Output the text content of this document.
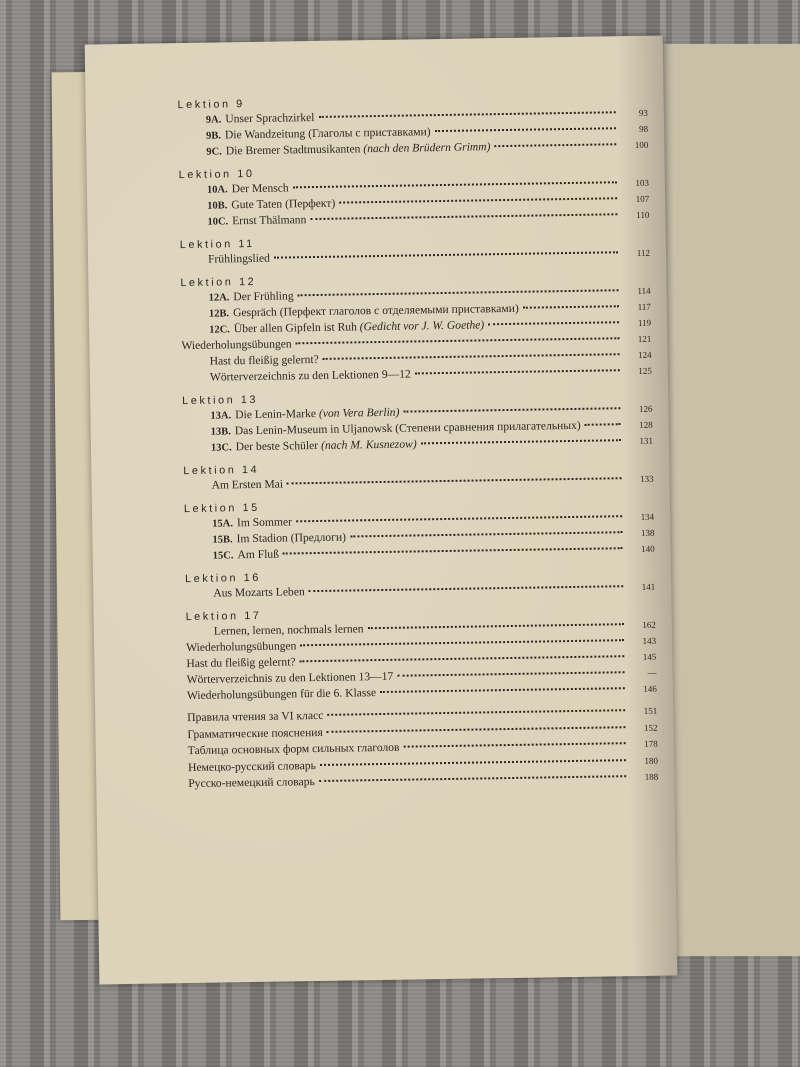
Lektion 9
9A. Unser Sprachzirkel	93
9B. Die Wandzeitung (Глаголы с приставками)	98
9C. Die Bremer Stadtmusikanten (nach den Brüdern Grimm)	100
Lektion 10
10A. Der Mensch	103
10B. Gute Taten (Перфект)	107
10C. Ernst Thälmann	110
Lektion 11
Frühlingslied	112
Lektion 12
12A. Der Frühling	114
12B. Gespräch (Перфект глаголов с отделяемыми приставками)	117
12C. Über allen Gipfeln ist Ruh (Gedicht vor J. W. Goethe)	119
Wiederholungsübungen	121
Hast du fleißig gelernt?	124
Wörterverzeichnis zu den Lektionen 9—12	125
Lektion 13
13A. Die Lenin-Marke (von Vera Berlin)	126
13B. Das Lenin-Museum in Uljanowsk (Степени сравнения прилагательных)	128
13C. Der beste Schüler (nach M. Kusnezow)	131
Lektion 14
Am Ersten Mai	133
Lektion 15
15A. Im Sommer	134
15B. Im Stadion (Предлоги)	138
15C. Am Fluß	140
Lektion 16
Aus Mozarts Leben	141
Lektion 17
Lernen, lernen, nochmals lernen	162
Wiederholungsübungen	143
Hast du fleißig gelernt?	145
Wörterverzeichnis zu den Lektionen 13—17	—
Wiederholungsübungen für die 6. Klasse	146
Правила чтения за VI класс	151
Грамматические пояснения	152
Таблица основных форм сильных глаголов	178
Немецко-русский словарь	180
Русско-немецкий словарь	188
